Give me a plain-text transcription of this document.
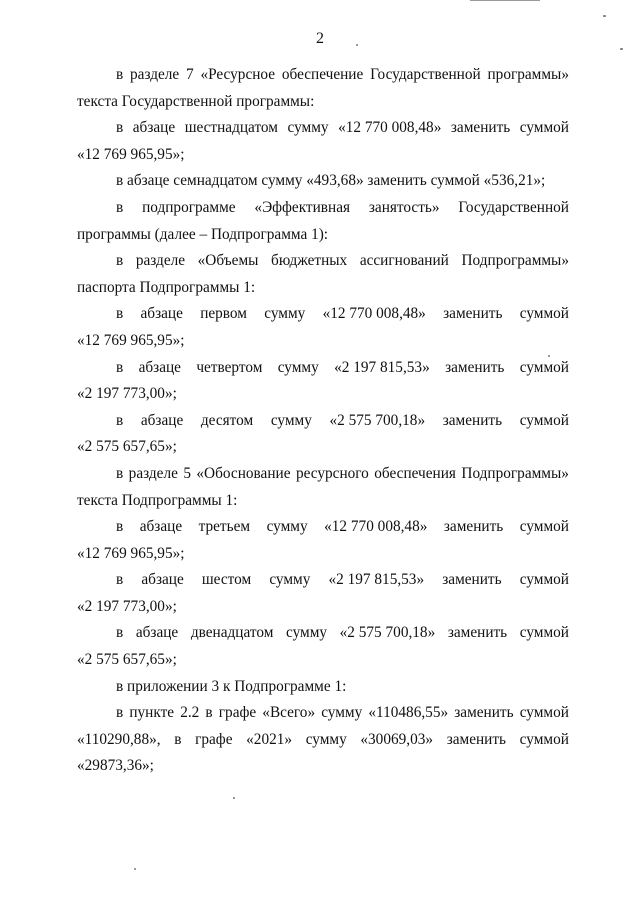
2
в разделе 7 «Ресурсное обеспечение Государственной программы»
текста Государственной программы:
в абзаце шестнадцатом сумму «12 770 008,48» заменить суммой
«12 769 965,95»;
в абзаце семнадцатом сумму «493,68» заменить суммой «536,21»;
в подпрограмме «Эффективная занятость» Государственной
программы (далее – Подпрограмма 1):
в разделе «Объемы бюджетных ассигнований Подпрограммы»
паспорта Подпрограммы 1:
в абзаце первом сумму «12 770 008,48» заменить суммой
«12 769 965,95»;
в абзаце четвертом сумму «2 197 815,53» заменить суммой
«2 197 773,00»;
в абзаце десятом сумму «2 575 700,18» заменить суммой
«2 575 657,65»;
в разделе 5 «Обоснование ресурсного обеспечения Подпрограммы»
текста Подпрограммы 1:
в абзаце третьем сумму «12 770 008,48» заменить суммой
«12 769 965,95»;
в абзаце шестом сумму «2 197 815,53» заменить суммой
«2 197 773,00»;
в абзаце двенадцатом сумму «2 575 700,18» заменить суммой
«2 575 657,65»;
в приложении 3 к Подпрограмме 1:
в пункте 2.2 в графе «Всего» сумму «110486,55» заменить суммой
«110290,88», в графе «2021» сумму «30069,03» заменить суммой
«29873,36»;
